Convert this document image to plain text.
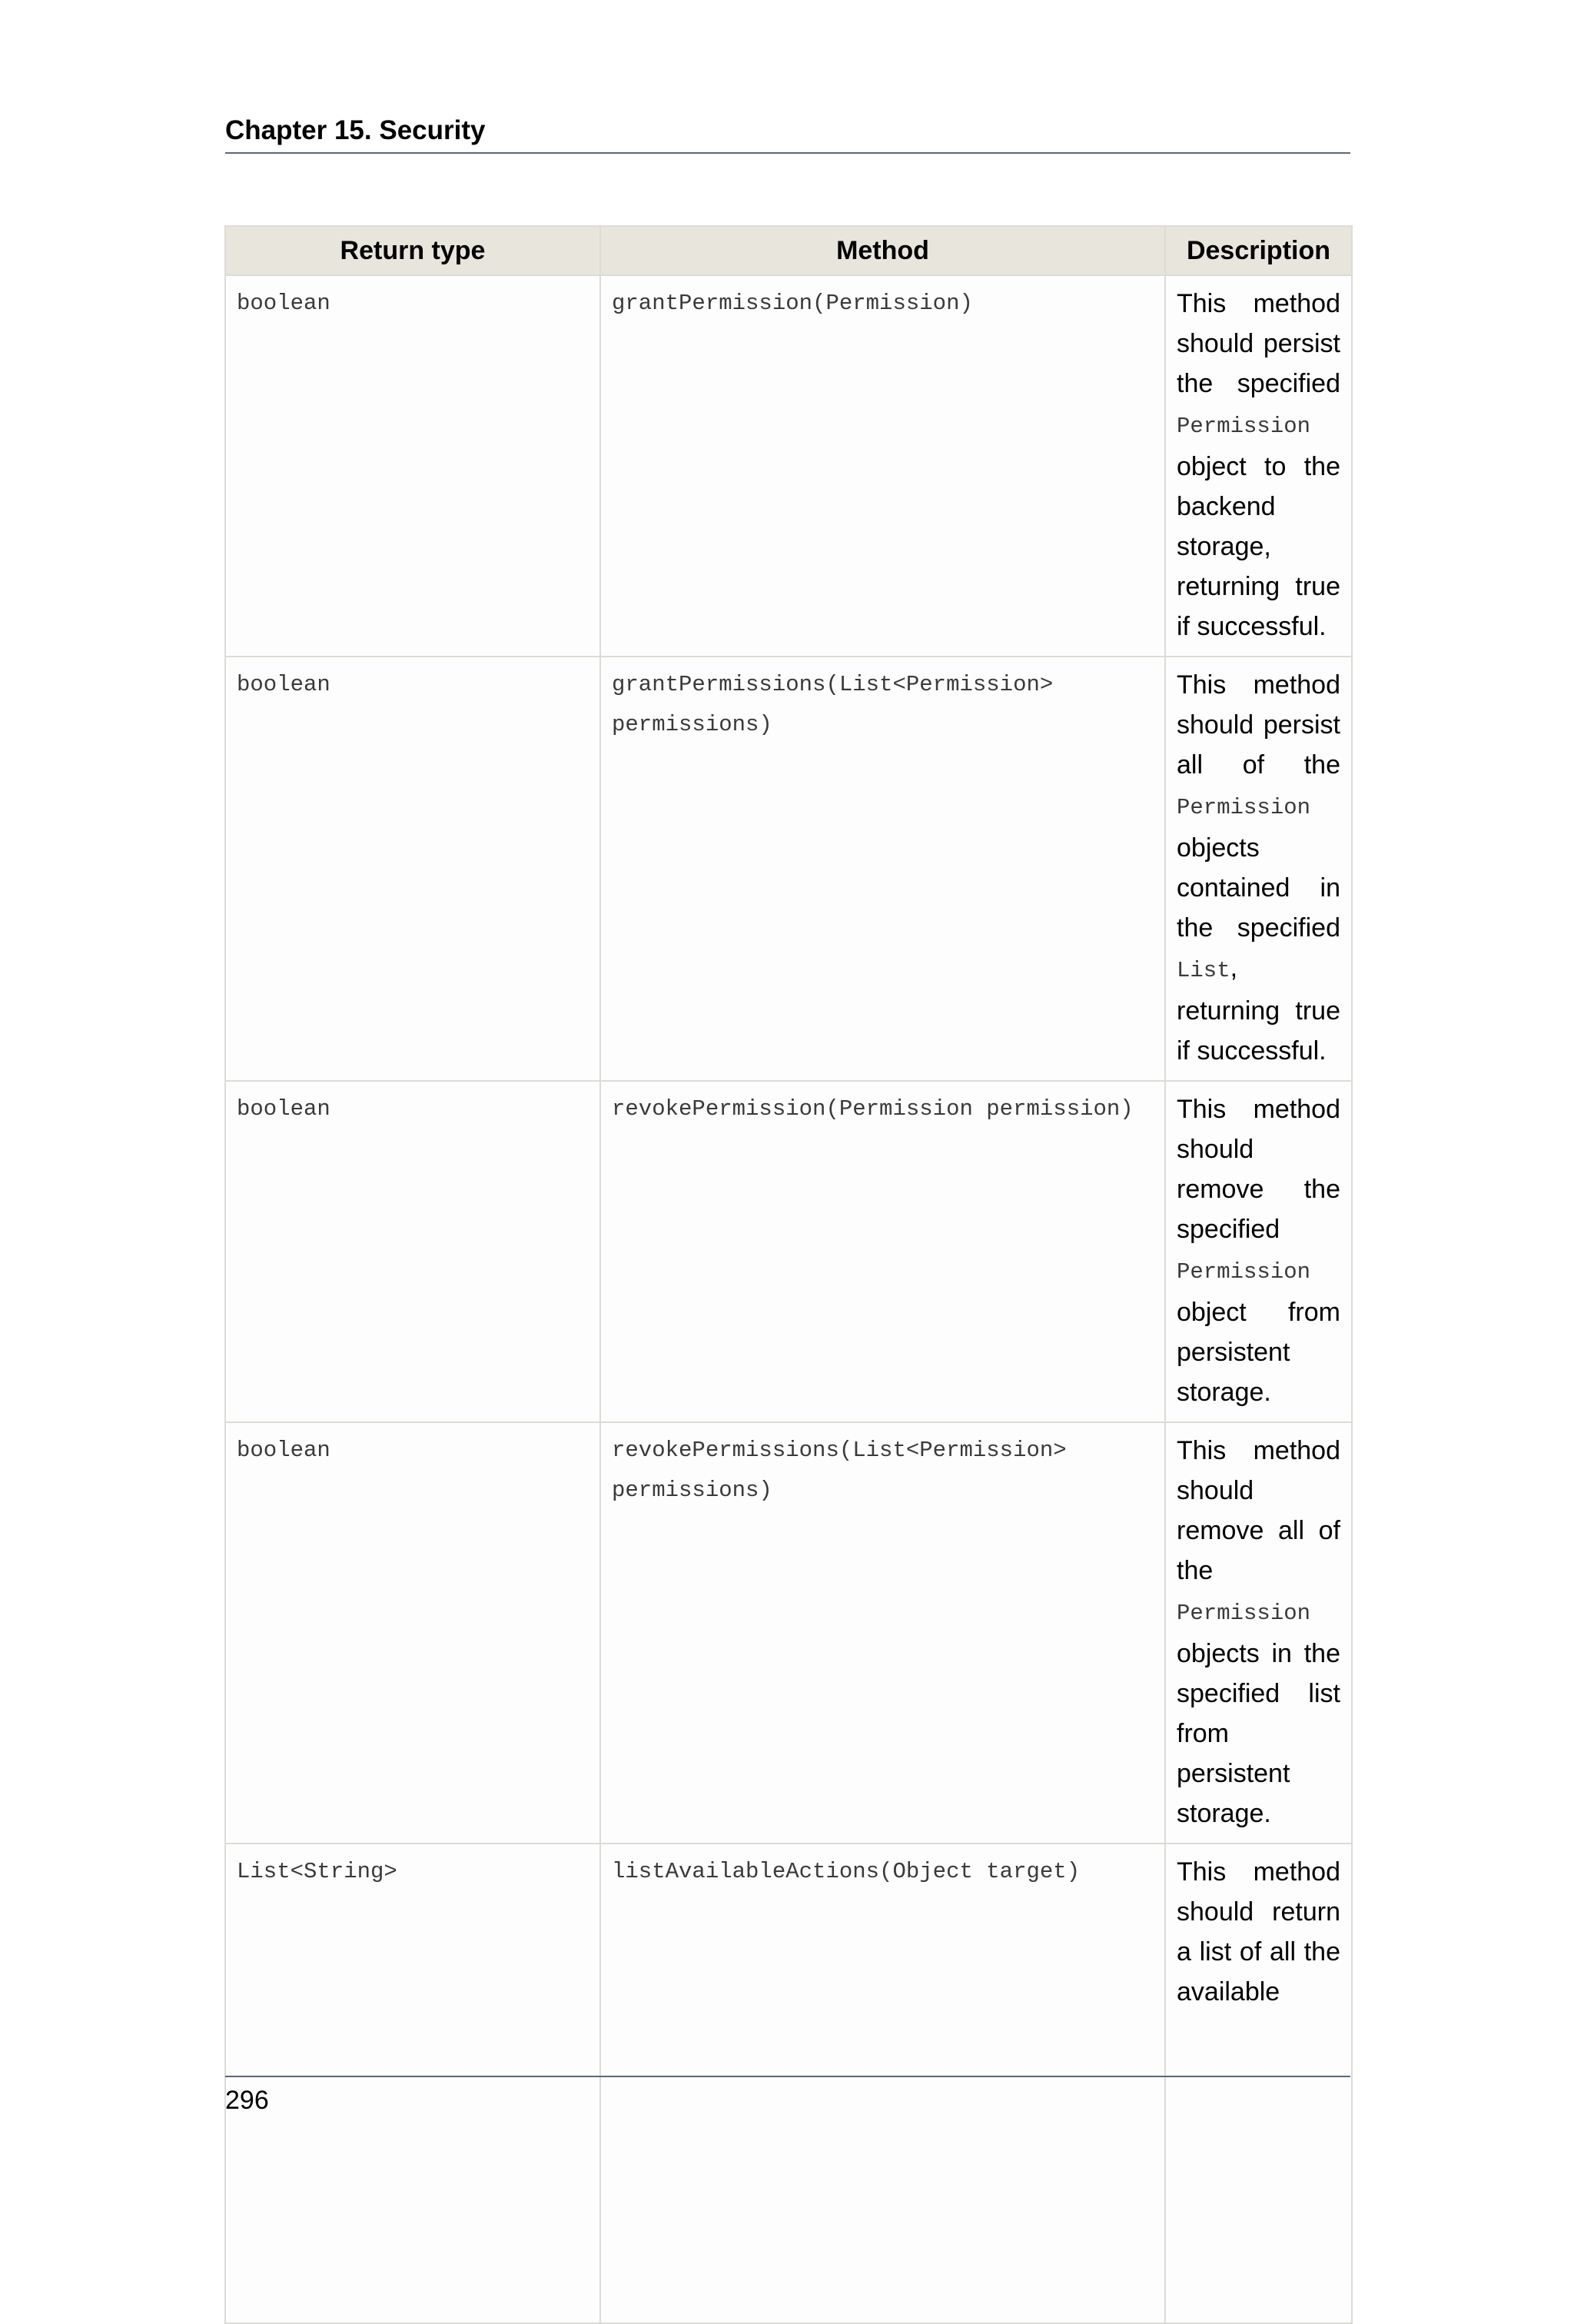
Chapter 15. Security
Return type	Method	Description
boolean	grantPermission(Permission)	This method should persist the specified Permission object to the backend storage, returning true if successful.
boolean	grantPermissions(List<Permission> permissions)	This method should persist all of the Permission objects contained in the specified List, returning true if successful.
boolean	revokePermission(Permission permission)	This method should remove the specified Permission object from persistent storage.
boolean	revokePermissions(List<Permission> permissions)	This method should remove all of the Permission objects in the specified list from persistent storage.
List<String>	listAvailableActions(Object target)	This method should return a list of all the available
296
